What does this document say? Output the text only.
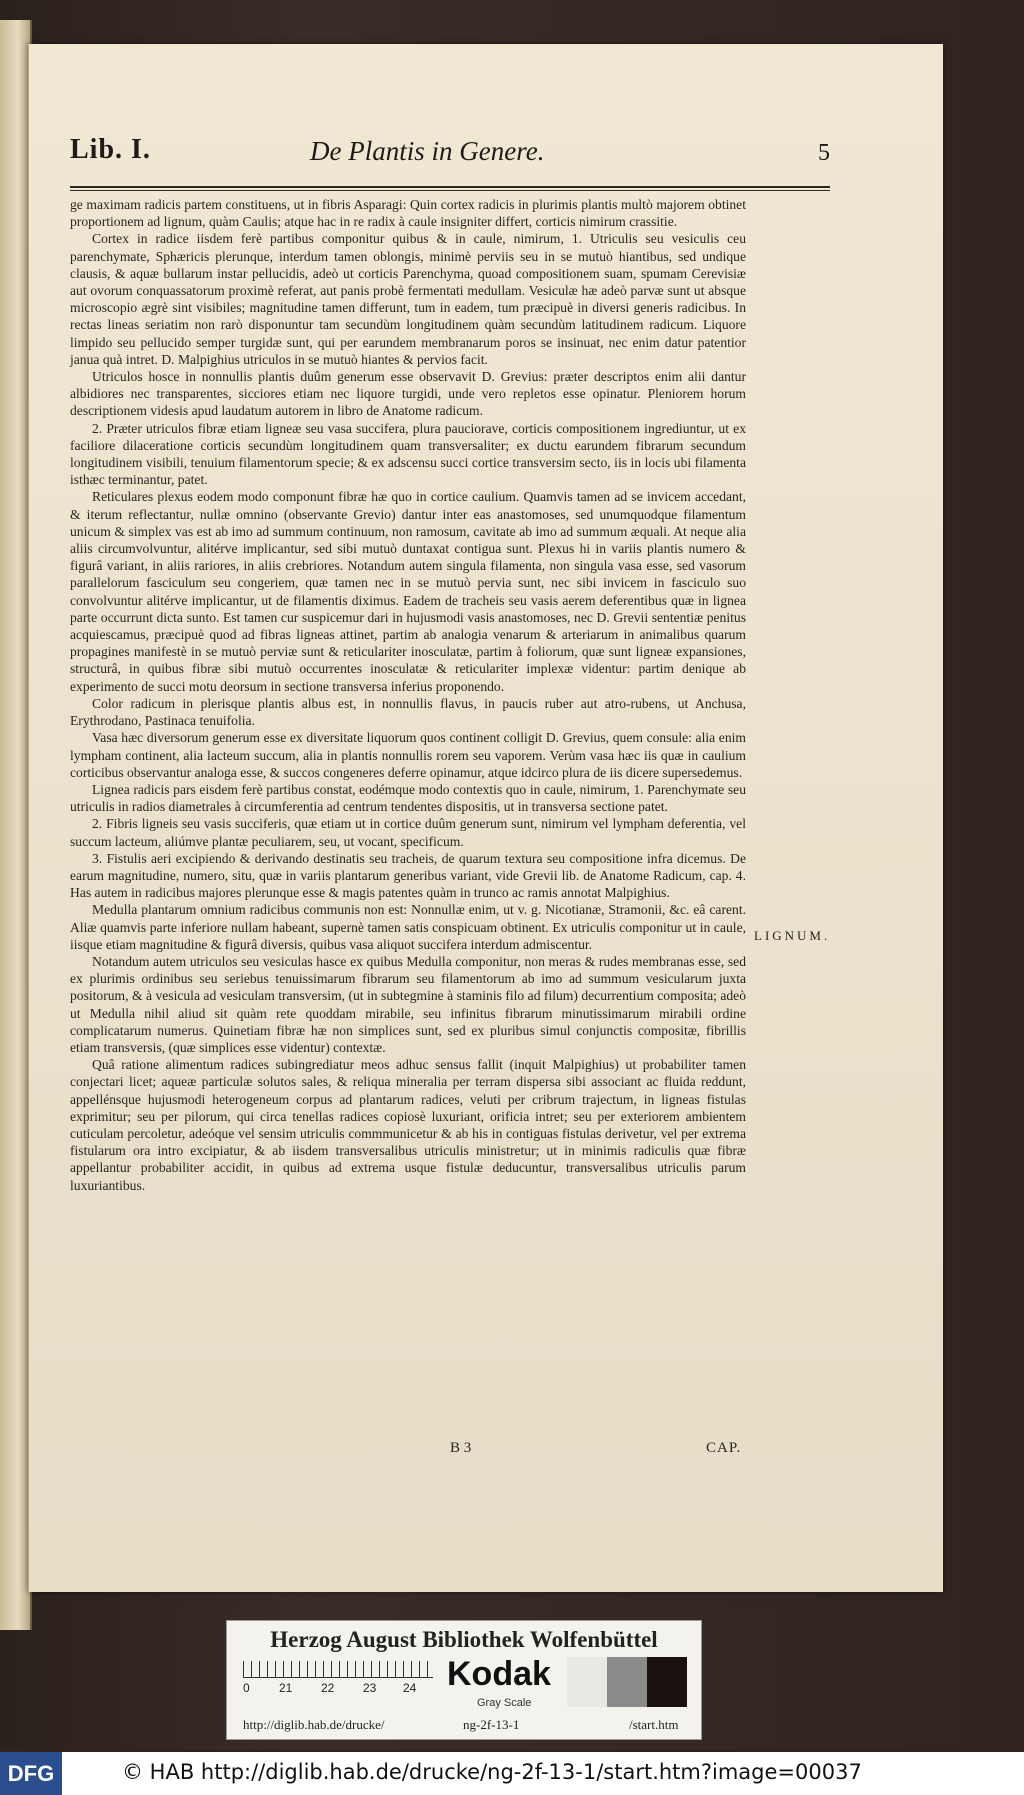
Lib. I.	De Plantis in Genere.	5

ge maximam radicis partem constituens, ut in fibris Asparagi: Quin cortex radicis in plurimis plantis multò majorem obtinet proportionem ad lignum, quàm Caulis; atque hac in re radix à caule insigniter differt, corticis nimirum crassitie.

Cortex in radice iisdem ferè partibus componitur quibus & in caule, nimirum, 1. Utriculis seu vesiculis ceu parenchymate, Sphæricis plerunque, interdum tamen oblongis, minimè perviis seu in se mutuò hiantibus, sed undique clausis, & aquæ bullarum instar pellucidis, adeò ut corticis Parenchyma, quoad compositionem suam, spumam Cerevisiæ aut ovorum conquassatorum proximè referat, aut panis probè fermentati medullam. Vesiculæ hæ adeò parvæ sunt ut absque microscopio ægrè sint visibiles; magnitudine tamen differunt, tum in eadem, tum præcipuè in diversi generis radicibus. In rectas lineas seriatim non rarò disponuntur tam secundùm longitudinem quàm secundùm latitudinem radicum. Liquore limpido seu pellucido semper turgidæ sunt, qui per earundem membranarum poros se insinuat, nec enim datur patentior janua quà intret. D. Malpighius utriculos in se mutuò hiantes & pervios facit.

Utriculos hosce in nonnullis plantis duûm generum esse observavit D. Grevius: præter descriptos enim alii dantur albidiores nec transparentes, sicciores etiam nec liquore turgidi, unde vero repletos esse opinatur. Pleniorem horum descriptionem videsis apud laudatum autorem in libro de Anatome radicum.

2. Præter utriculos fibræ etiam ligneæ seu vasa succifera, plura pauciorave, corticis compositionem ingrediuntur, ut ex faciliore dilaceratione corticis secundùm longitudinem quam transversaliter; ex ductu earundem fibrarum secundum longitudinem visibili, tenuium filamentorum specie; & ex adscensu succi cortice transversim secto, iis in locis ubi filamenta isthæc terminantur, patet.

Reticulares plexus eodem modo componunt fibræ hæ quo in cortice caulium. Quamvis tamen ad se invicem accedant, & iterum reflectantur, nullæ omnino (observante Grevio) dantur inter eas anastomoses, sed unumquodque filamentum unicum & simplex vas est ab imo ad summum continuum, non ramosum, cavitate ab imo ad summum æquali. At neque alia aliis circumvolvuntur, alitérve implicantur, sed sibi mutuò duntaxat contigua sunt. Plexus hi in variis plantis numero & figurâ variant, in aliis rariores, in aliis crebriores. Notandum autem singula filamenta, non singula vasa esse, sed vasorum parallelorum fasciculum seu congeriem, quæ tamen nec in se mutuò pervia sunt, nec sibi invicem in fasciculo suo convolvuntur alitérve implicantur, ut de filamentis diximus. Eadem de tracheis seu vasis aerem deferentibus quæ in lignea parte occurrunt dicta sunto. Est tamen cur suspicemur dari in hujusmodi vasis anastomoses, nec D. Grevii sententiæ penitus acquiescamus, præcipuè quod ad fibras ligneas attinet, partim ab analogia venarum & arteriarum in animalibus quarum propagines manifestè in se mutuò perviæ sunt & reticulariter inosculatæ, partim à foliorum, quæ sunt ligneæ expansiones, structurâ, in quibus fibræ sibi mutuò occurrentes inosculatæ & reticulariter implexæ videntur: partim denique ab experimento de succi motu deorsum in sectione transversa inferius proponendo.

Color radicum in plerisque plantis albus est, in nonnullis flavus, in paucis ruber aut atro-rubens, ut Anchusa, Erythrodano, Pastinaca tenuifolia.

Vasa hæc diversorum generum esse ex diversitate liquorum quos continent colligit D. Grevius, quem consule: alia enim lympham continent, alia lacteum succum, alia in plantis nonnullis rorem seu vaporem. Verùm vasa hæc iis quæ in caulium corticibus observantur analoga esse, & succos congeneres deferre opinamur, atque idcirco plura de iis dicere supersedemus.

Lignea radicis pars eisdem ferè partibus constat, eodémque modo contextis quo in caule, nimirum, 1. Parenchymate seu utriculis in radios diametrales à circumferentia ad centrum tendentes dispositis, ut in transversa sectione patet.

2. Fibris ligneis seu vasis succiferis, quæ etiam ut in cortice duûm generum sunt, nimirum vel lympham deferentia, vel succum lacteum, aliúmve plantæ peculiarem, seu, ut vocant, specificum.

3. Fistulis aeri excipiendo & derivando destinatis seu tracheis, de quarum textura seu compositione infra dicemus. De earum magnitudine, numero, situ, quæ in variis plantarum generibus variant, vide Grevii lib. de Anatome Radicum, cap. 4. Has autem in radicibus majores plerunque esse & magis patentes quàm in trunco ac ramis annotat Malpighius.

Medulla plantarum omnium radicibus communis non est: Nonnullæ enim, ut v. g. Nicotianæ, Stramonii, &c. eâ carent. Aliæ quamvis parte inferiore nullam habeant, supernè tamen satis conspicuam obtinent. Ex utriculis componitur ut in caule, iisque etiam magnitudine & figurâ diversis, quibus vasa aliquot succifera interdum admiscentur.

Notandum autem utriculos seu vesiculas hasce ex quibus Medulla componitur, non meras & rudes membranas esse, sed ex plurimis ordinibus seu seriebus tenuissimarum fibrarum seu filamentorum ab imo ad summum vesicularum juxta positorum, & à vesicula ad vesiculam transversim, (ut in subtegmine à staminis filo ad filum) decurrentium composita; adeò ut Medulla nihil aliud sit quàm rete quoddam mirabile, seu infinitus fibrarum minutissimarum mirabili ordine complicatarum numerus. Quinetiam fibræ hæ non simplices sunt, sed ex pluribus simul conjunctis compositæ, fibrillis etiam transversis, (quæ simplices esse videntur) contextæ.

Quâ ratione alimentum radices subingrediatur meos adhuc sensus fallit (inquit Malpighius) ut probabiliter tamen conjectari licet; aqueæ particulæ solutos sales, & reliqua mineralia per terram dispersa sibi associant ac fluida reddunt, appellénsque hujusmodi heterogeneum corpus ad plantarum radices, veluti per cribrum trajectum, in ligneas fistulas exprimitur; seu per pilorum, qui circa tenellas radices copiosè luxuriant, orificia intret; seu per exteriorem ambientem cuticulam percoletur, adeóque vel sensim utriculis commmunicetur & ab his in contiguas fistulas derivetur, vel per extrema fistularum ora intro excipiatur, & ab iisdem transversalibus utriculis ministretur; ut in minimis radiculis quæ fibræ appellantur probabiliter accidit, in quibus ad extrema usque fistulæ deducuntur, transversalibus utriculis parum luxuriantibus.

LIGNUM.
B 3	CAP.
Herzog August Bibliothek Wolfenbüttel
0 21 22 23 24 Kodak
Gray Scale
http://diglib.hab.de/drucke/	ng-2f-13-1	/start.htm
DFG	© HAB http://diglib.hab.de/drucke/ng-2f-13-1/start.htm?image=00037
